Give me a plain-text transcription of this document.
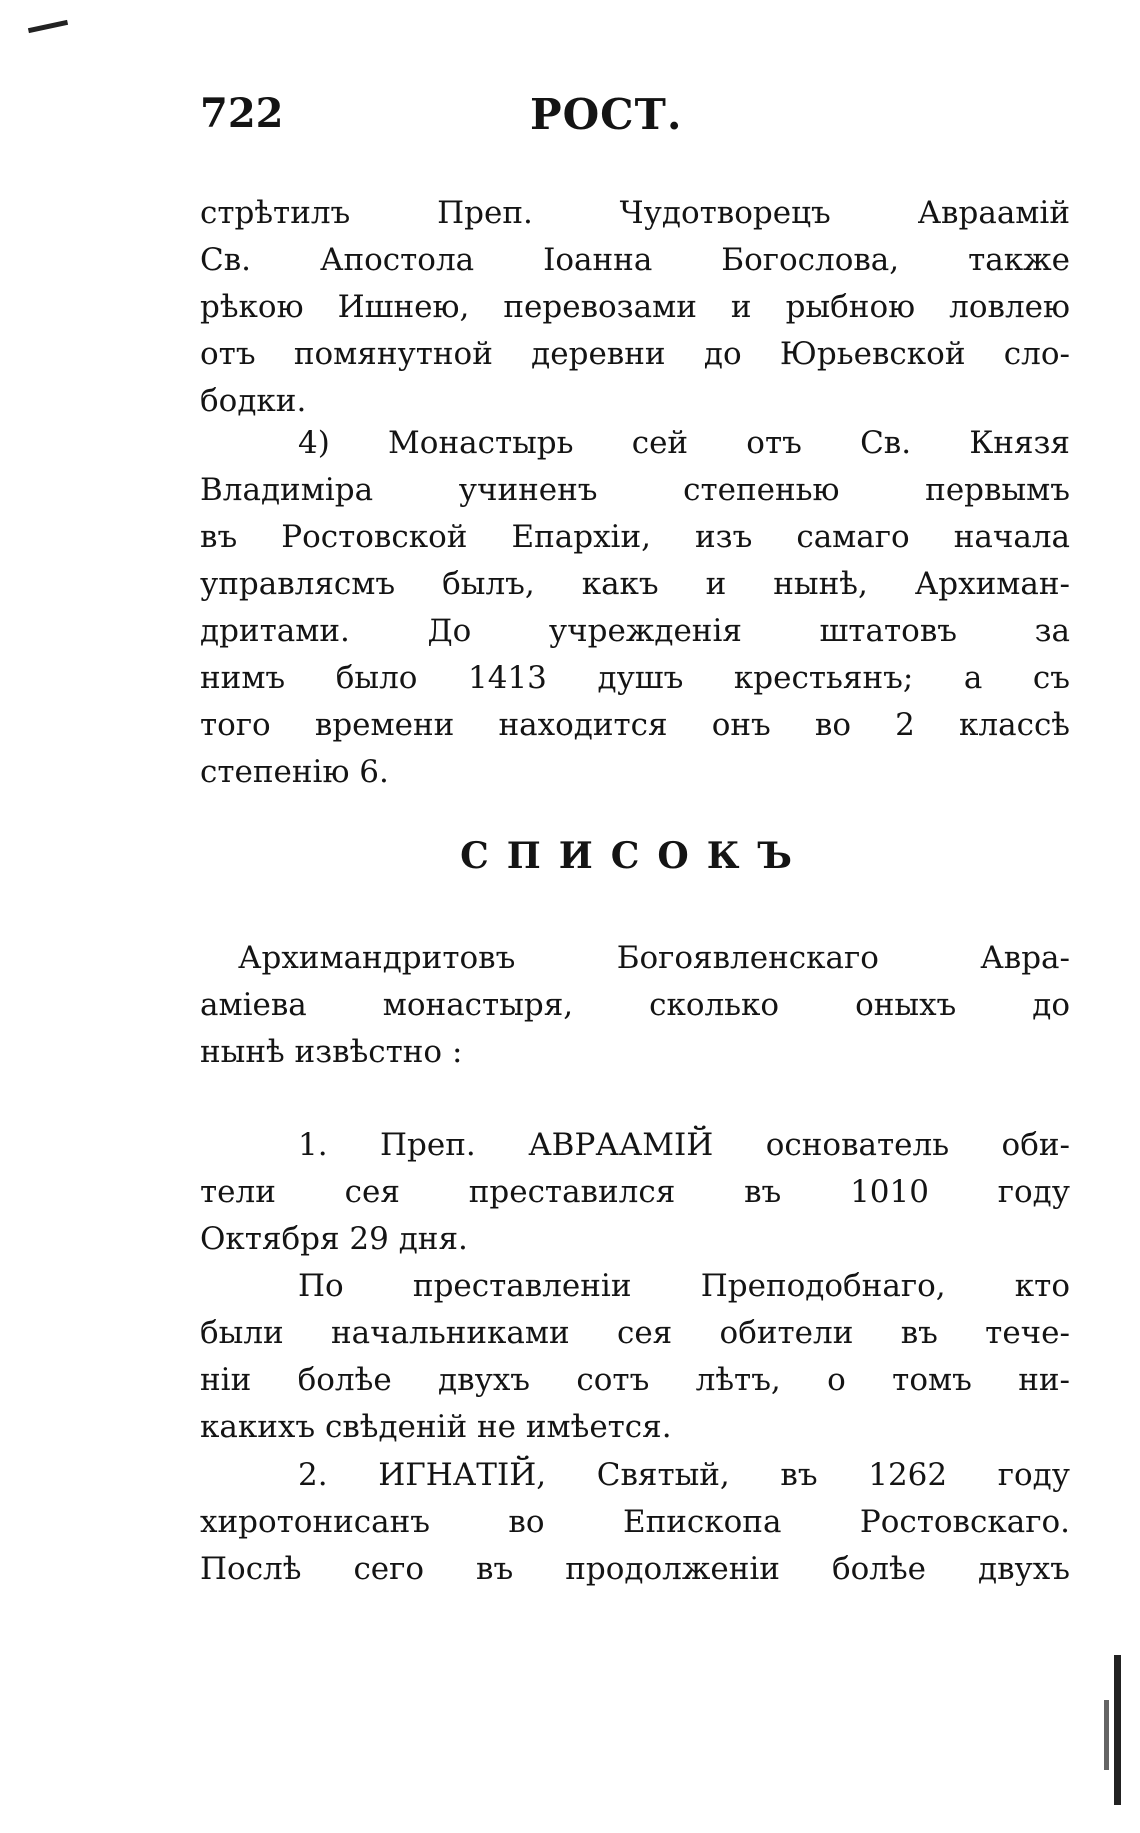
722	РОСТ.
стрѣтилъ Преп. Чудотворецъ Авраамій
Св. Апостола Іоанна Богослова, также
рѣкою Ишнею, перевозами и рыбною ловлею
отъ помянутной деревни до Юрьевской сло-
бодки.
4) Монастырь сей отъ Св. Князя
Владиміра учиненъ степенью первымъ
въ Ростовской Епархіи, изъ самаго начала
управлясмъ былъ, какъ и нынѣ, Архиман-
дритами. До учрежденія штатовъ за
нимъ было 1413 душъ крестьянъ; а съ
того времени находится онъ во 2 классѣ
степенію 6.
СПИСОКЪ
Архимандритовъ Богоявленскаго Авра-
аміева монастыря, сколько оныхъ до
нынѣ извѣстно :
1. Преп. АВРААМІЙ основатель оби-
тели сея преставился въ 1010 году
Октября 29 дня.
По преставленіи Преподобнаго, кто
были начальниками сея обители въ тече-
ніи болѣе двухъ сотъ лѣтъ, о томъ ни-
какихъ свѣденій не имѣется.
2. ИГНАТІЙ, Святый, въ 1262 году
хиротонисанъ во Епископа Ростовскаго.
Послѣ сего въ продолженіи болѣе двухъ
